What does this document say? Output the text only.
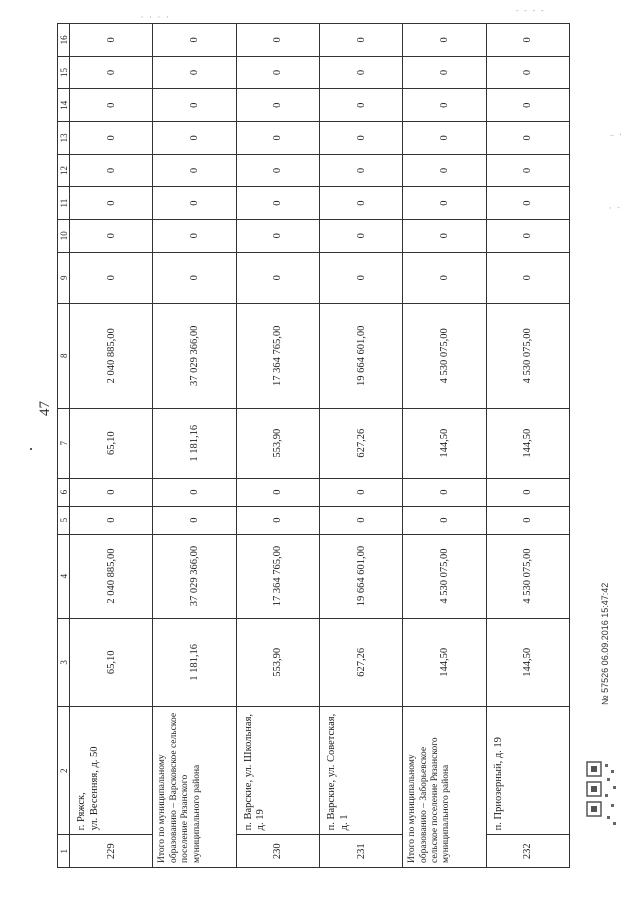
47
1	2	3	4	5	6	7	8	9	10	11	12	13	14	15	16
229	г. Ряжск,
ул. Весенняя, д. 50	65,10	2 040 885,00	0	0	65,10	2 040 885,00	0	0	0	0	0	0	0	0
Итого по муниципальному образованию – Варсковское сельское поселение Рязанского муниципального района		1 181,16	37 029 366,00	0	0	1 181,16	37 029 366,00	0	0	0	0	0	0	0	0
230	п. Варские, ул. Школьная,
д. 19	553,90	17 364 765,00	0	0	553,90	17 364 765,00	0	0	0	0	0	0	0	0
231	п. Варские, ул. Советская,
д. 1	627,26	19 664 601,00	0	0	627,26	19 664 601,00	0	0	0	0	0	0	0	0
Итого по муниципальному образованию – Заборьевское сельское поселение Рязанского муниципального района		144,50	4 530 075,00	0	0	144,50	4 530 075,00	0	0	0	0	0	0	0	0
232	п. Приозерный, д. 19	144,50	4 530 075,00	0	0	144,50	4 530 075,00	0	0	0	0	0	0	0	0
№ 57526 06.09.2016 15:47:42
· · · ·
- - - -
_ .
· -
